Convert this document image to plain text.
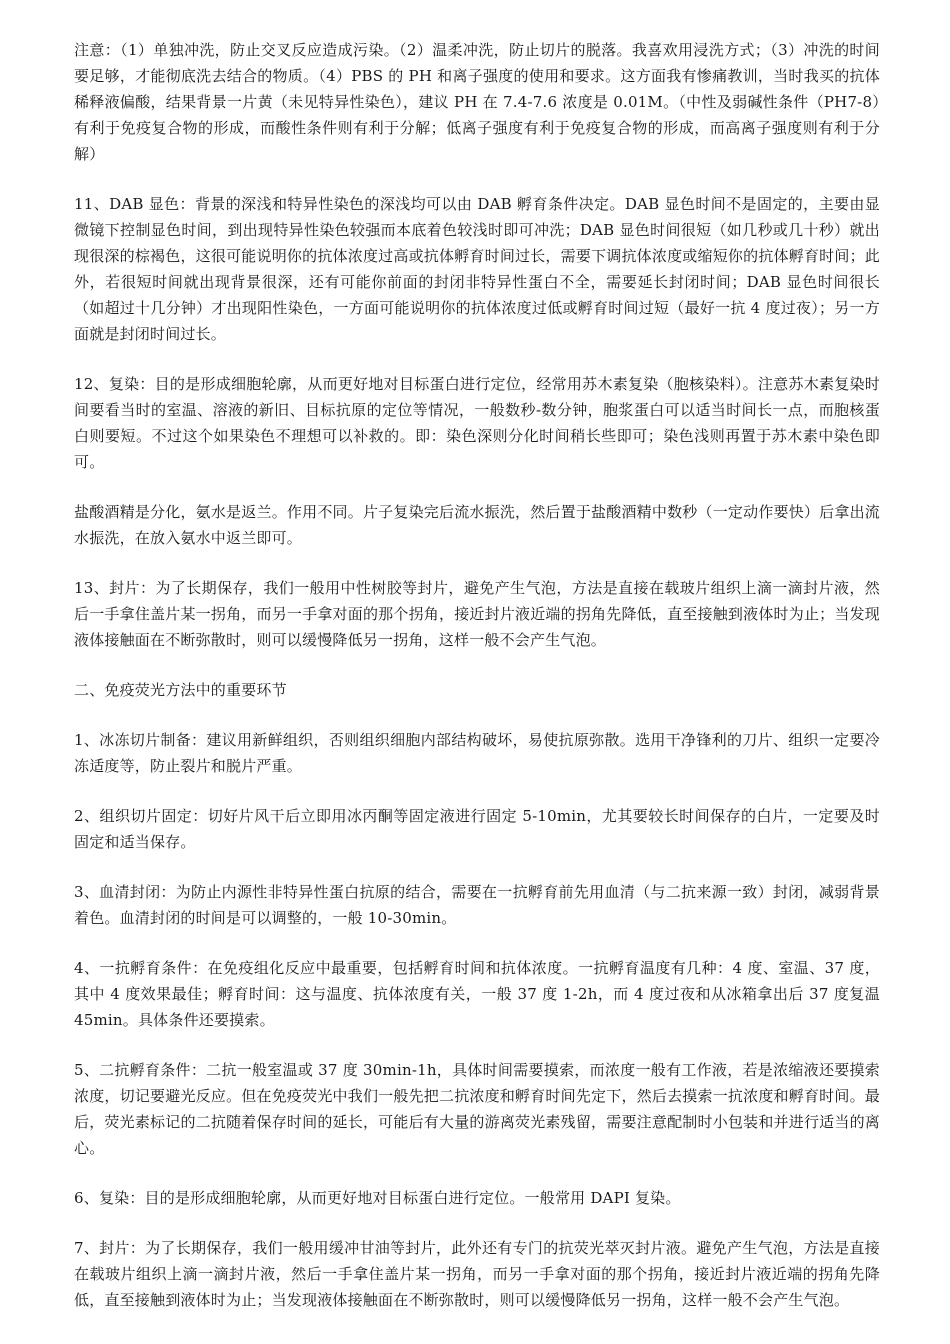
注意：（1）单独冲洗，防止交叉反应造成污染。（2）温柔冲洗，防止切片的脱落。我喜欢用浸洗方式；（3）冲洗的时间要足够，才能彻底洗去结合的物质。（4）PBS 的 PH 和离子强度的使用和要求。这方面我有惨痛教训，当时我买的抗体稀释液偏酸，结果背景一片黄（未见特异性染色），建议 PH 在 7.4-7.6 浓度是 0.01M。（中性及弱碱性条件（PH7-8）有利于免疫复合物的形成，而酸性条件则有利于分解；低离子强度有利于免疫复合物的形成，而高离子强度则有利于分解）

11、DAB 显色：背景的深浅和特异性染色的深浅均可以由 DAB 孵育条件决定。DAB 显色时间不是固定的，主要由显微镜下控制显色时间，到出现特异性染色较强而本底着色较浅时即可冲洗；DAB 显色时间很短（如几秒或几十秒）就出现很深的棕褐色，这很可能说明你的抗体浓度过高或抗体孵育时间过长，需要下调抗体浓度或缩短你的抗体孵育时间；此外，若很短时间就出现背景很深，还有可能你前面的封闭非特异性蛋白不全，需要延长封闭时间；DAB 显色时间很长（如超过十几分钟）才出现阳性染色，一方面可能说明你的抗体浓度过低或孵育时间过短（最好一抗 4 度过夜）；另一方面就是封闭时间过长。

12、复染：目的是形成细胞轮廓，从而更好地对目标蛋白进行定位，经常用苏木素复染（胞核染料）。注意苏木素复染时间要看当时的室温、溶液的新旧、目标抗原的定位等情况，一般数秒-数分钟，胞浆蛋白可以适当时间长一点，而胞核蛋白则要短。不过这个如果染色不理想可以补救的。即：染色深则分化时间稍长些即可；染色浅则再置于苏木素中染色即可。

盐酸酒精是分化，氨水是返兰。作用不同。片子复染完后流水振洗，然后置于盐酸酒精中数秒（一定动作要快）后拿出流水振洗，在放入氨水中返兰即可。

13、封片：为了长期保存，我们一般用中性树胶等封片，避免产生气泡，方法是直接在载玻片组织上滴一滴封片液，然后一手拿住盖片某一拐角，而另一手拿对面的那个拐角，接近封片液近端的拐角先降低，直至接触到液体时为止；当发现液体接触面在不断弥散时，则可以缓慢降低另一拐角，这样一般不会产生气泡。

二、免疫荧光方法中的重要环节

1、冰冻切片制备：建议用新鲜组织，否则组织细胞内部结构破坏，易使抗原弥散。选用干净锋利的刀片、组织一定要冷冻适度等，防止裂片和脱片严重。

2、组织切片固定：切好片风干后立即用冰丙酮等固定液进行固定 5-10min，尤其要较长时间保存的白片，一定要及时固定和适当保存。

3、血清封闭：为防止内源性非特异性蛋白抗原的结合，需要在一抗孵育前先用血清（与二抗来源一致）封闭，减弱背景着色。血清封闭的时间是可以调整的，一般 10-30min。

4、一抗孵育条件：在免疫组化反应中最重要，包括孵育时间和抗体浓度。一抗孵育温度有几种：4 度、室温、37 度，其中 4 度效果最佳；孵育时间：这与温度、抗体浓度有关，一般 37 度 1-2h，而 4 度过夜和从冰箱拿出后 37 度复温 45min。具体条件还要摸索。

5、二抗孵育条件：二抗一般室温或 37 度 30min-1h，具体时间需要摸索，而浓度一般有工作液，若是浓缩液还要摸索浓度，切记要避光反应。但在免疫荧光中我们一般先把二抗浓度和孵育时间先定下，然后去摸索一抗浓度和孵育时间。最后，荧光素标记的二抗随着保存时间的延长，可能后有大量的游离荧光素残留，需要注意配制时小包装和并进行适当的离心。

6、复染：目的是形成细胞轮廓，从而更好地对目标蛋白进行定位。一般常用 DAPI 复染。

7、封片：为了长期保存，我们一般用缓冲甘油等封片，此外还有专门的抗荧光萃灭封片液。避免产生气泡，方法是直接在载玻片组织上滴一滴封片液，然后一手拿住盖片某一拐角，而另一手拿对面的那个拐角，接近封片液近端的拐角先降低，直至接触到液体时为止；当发现液体接触面在不断弥散时，则可以缓慢降低另一拐角，这样一般不会产生气泡。
